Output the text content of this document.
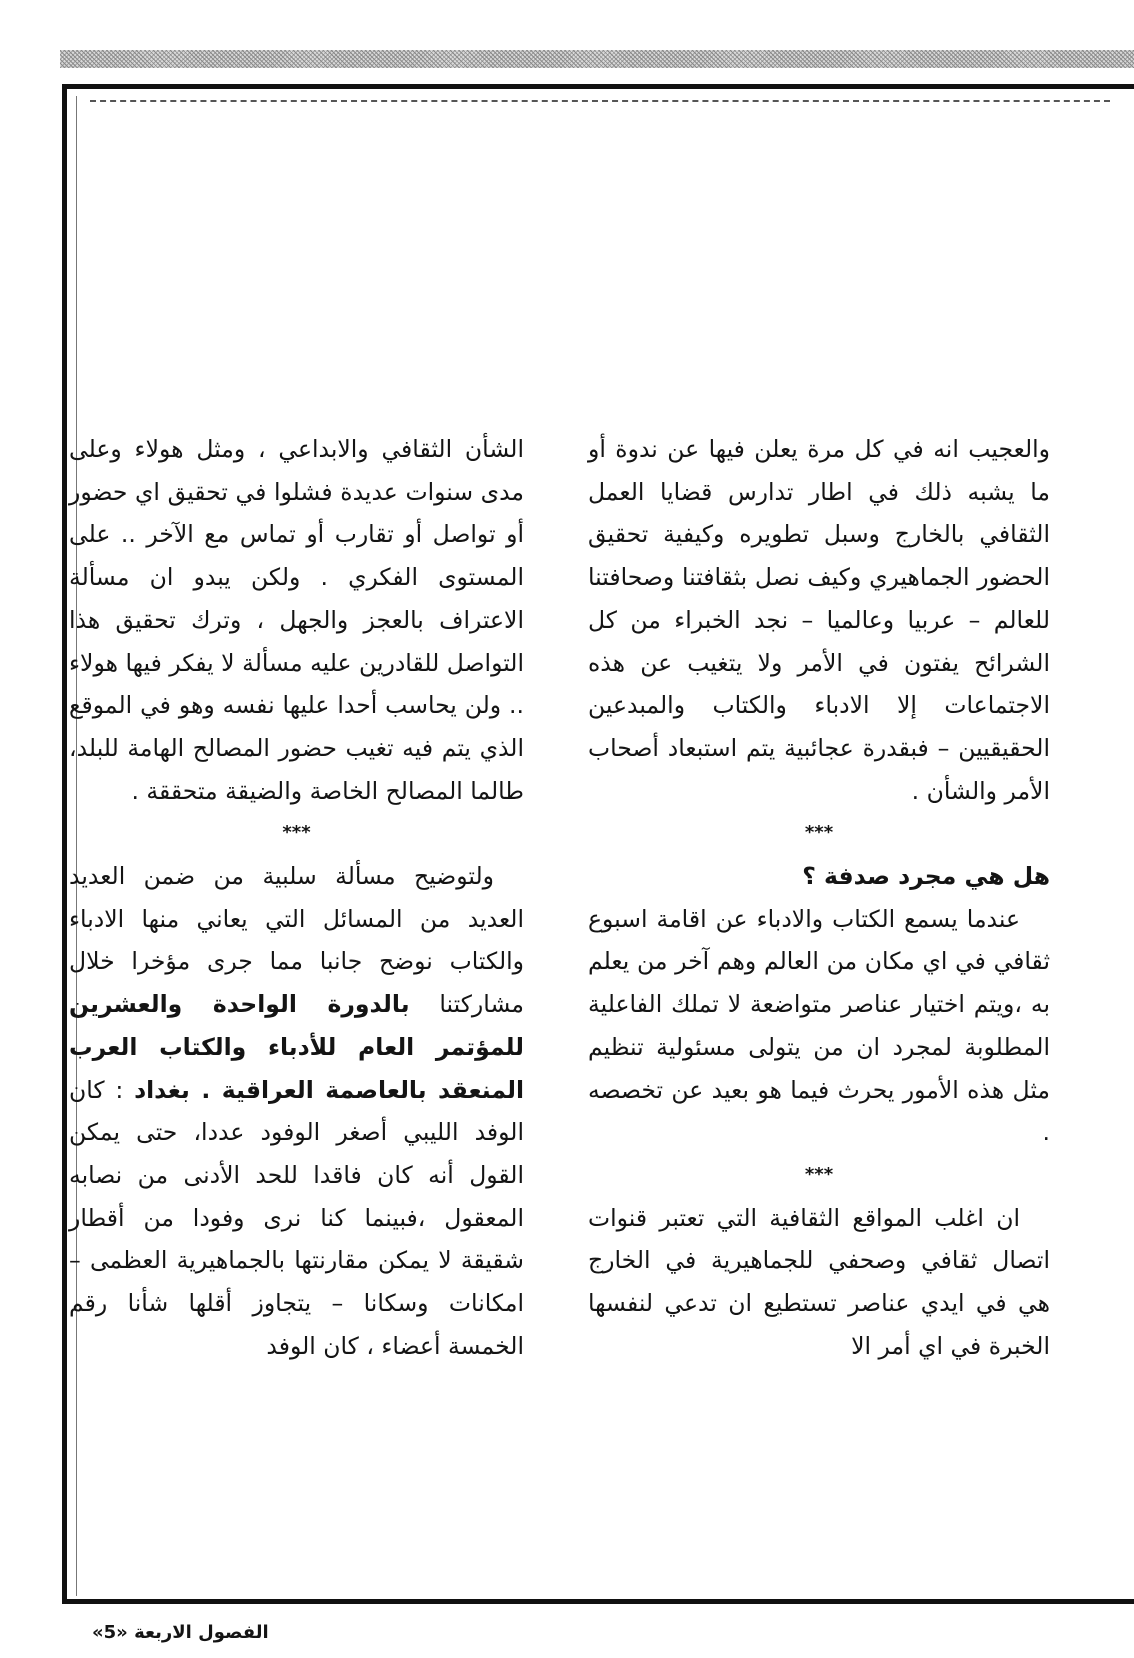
والعجيب انه في كل مرة يعلن فيها عن ندوة أو ما يشبه ذلك في اطار تدارس قضايا العمل الثقافي بالخارج وسبل تطويره وكيفية تحقيق الحضور الجماهيري وكيف نصل بثقافتنا وصحافتنا للعالم – عربيا وعالميا – نجد الخبراء من كل الشرائح يفتون في الأمر ولا يتغيب عن هذه الاجتماعات إلا الادباء والكتاب والمبدعين الحقيقيين – فبقدرة عجائبية يتم استبعاد أصحاب الأمر والشأن .

***

هل هي مجرد صدفة ؟

عندما يسمع الكتاب والادباء عن اقامة اسبوع ثقافي في اي مكان من العالم وهم آخر من يعلم به ،ويتم اختيار عناصر متواضعة لا تملك الفاعلية المطلوبة لمجرد ان من يتولى مسئولية تنظيم مثل هذه الأمور يحرث فيما هو بعيد عن تخصصه .

***

ان اغلب المواقع الثقافية التي تعتبر قنوات اتصال ثقافي وصحفي للجماهيرية في الخارج هي في ايدي عناصر تستطيع ان تدعي لنفسها الخبرة في اي أمر الا

الشأن الثقافي والابداعي ، ومثل هولاء وعلى مدى سنوات عديدة فشلوا في تحقيق اي حضور أو تواصل أو تقارب أو تماس مع الآخر .. على المستوى الفكري . ولكن يبدو ان مسألة الاعتراف بالعجز والجهل ، وترك تحقيق هذا التواصل للقادرين عليه مسألة لا يفكر فيها هولاء .. ولن يحاسب أحدا عليها نفسه وهو في الموقع الذي يتم فيه تغيب حضور المصالح الهامة للبلد، طالما المصالح الخاصة والضيقة متحققة .

***

ولتوضيح مسألة سلبية من ضمن العديد العديد من المسائل التي يعاني منها الادباء والكتاب نوضح جانبا مما جرى مؤخرا خلال مشاركتنا بالدورة الواحدة والعشرين للمؤتمر العام للأدباء والكتاب العرب المنعقد بالعاصمة العراقية . بغداد : كان الوفد الليبي أصغر الوفود عددا، حتى يمكن القول أنه كان فاقدا للحد الأدنى من نصابه المعقول ،فبينما كنا نرى وفودا من أقطار شقيقة لا يمكن مقارنتها بالجماهيرية العظمى – امكانات وسكانا – يتجاوز أقلها شأنا رقم الخمسة أعضاء ، كان الوفد

الفصول الاربعة «5»
